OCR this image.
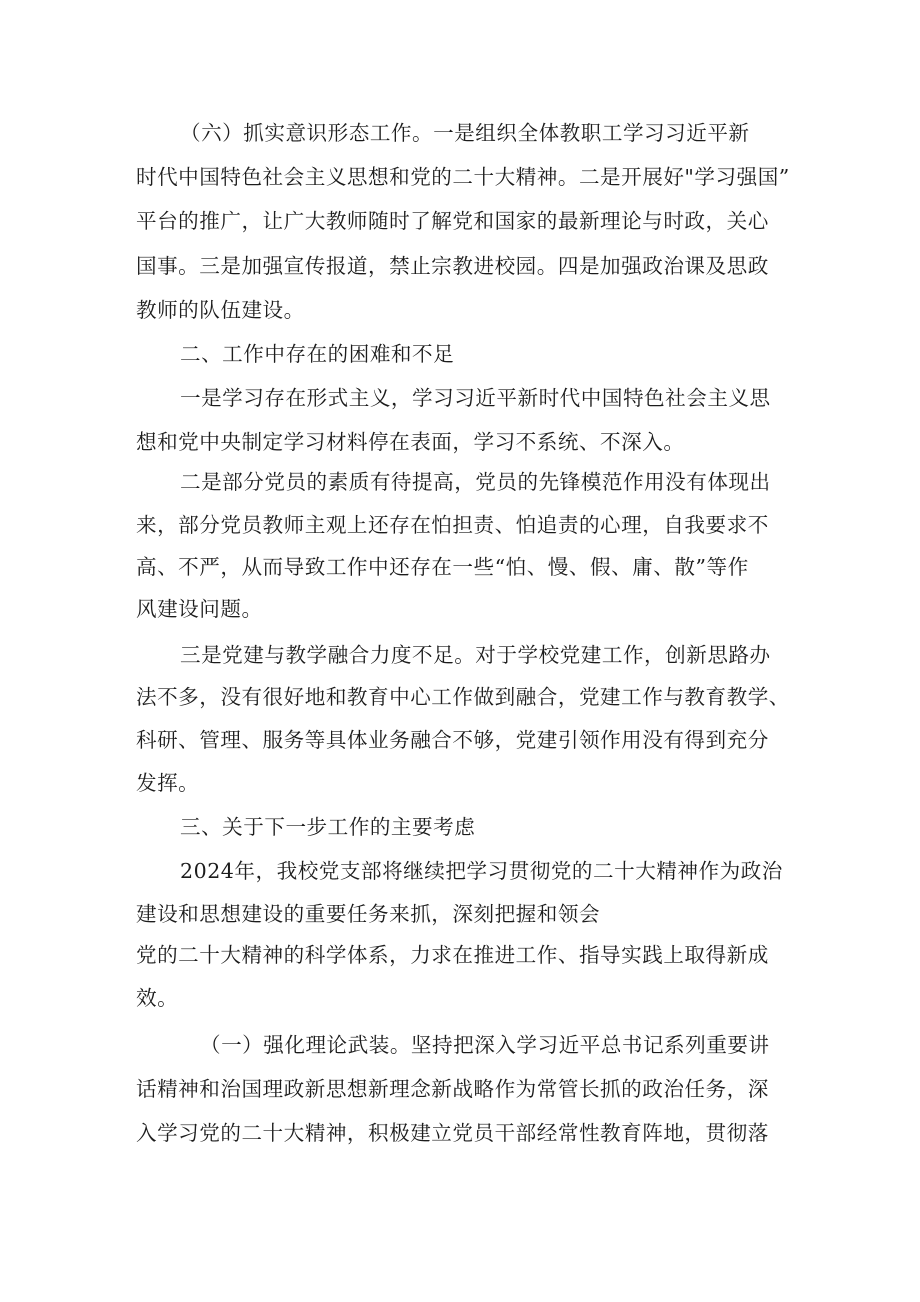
（六）抓实意识形态工作。一是组织全体教职工学习习近平新
时代中国特色社会主义思想和党的二十大精神。二是开展好"学习强国”
平台的推广，让广大教师随时了解党和国家的最新理论与时政，关心
国事。三是加强宣传报道，禁止宗教进校园。四是加强政治课及思政
教师的队伍建设。
二、工作中存在的困难和不足
一是学习存在形式主义，学习习近平新时代中国特色社会主义思
想和党中央制定学习材料停在表面，学习不系统、不深入。
二是部分党员的素质有待提高，党员的先锋模范作用没有体现出
来，部分党员教师主观上还存在怕担责、怕追责的心理，自我要求不
高、不严，从而导致工作中还存在一些“怕、慢、假、庸、散”等作
风建设问题。
三是党建与教学融合力度不足。对于学校党建工作，创新思路办
法不多，没有很好地和教育中心工作做到融合，党建工作与教育教学、
科研、管理、服务等具体业务融合不够，党建引领作用没有得到充分
发挥。
三、关于下一步工作的主要考虑
2024年，我校党支部将继续把学习贯彻党的二十大精神作为政治
建设和思想建设的重要任务来抓，深刻把握和领会
党的二十大精神的科学体系，力求在推进工作、指导实践上取得新成
效。
（一）强化理论武装。坚持把深入学习近平总书记系列重要讲
话精神和治国理政新思想新理念新战略作为常管长抓的政治任务，深
入学习党的二十大精神，积极建立党员干部经常性教育阵地，贯彻落
